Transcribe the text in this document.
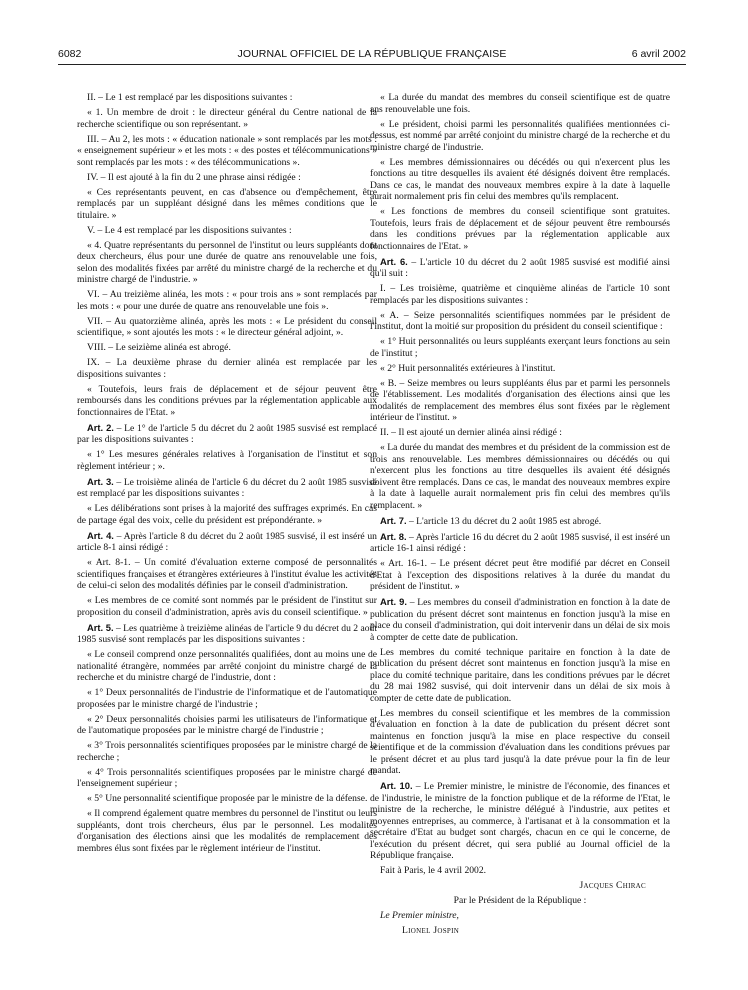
6082	JOURNAL OFFICIEL DE LA RÉPUBLIQUE FRANÇAISE	6 avril 2002

II. – Le 1 est remplacé par les dispositions suivantes :

« 1. Un membre de droit : le directeur général du Centre national de la recherche scientifique ou son représentant. »

III. – Au 2, les mots : « éducation nationale » sont remplacés par les mots : « enseignement supérieur » et les mots : « des postes et télécommunications » sont remplacés par les mots : « des télécommunications ».

IV. – Il est ajouté à la fin du 2 une phrase ainsi rédigée :

« Ces représentants peuvent, en cas d'absence ou d'empêchement, être remplacés par un suppléant désigné dans les mêmes conditions que le titulaire. »

V. – Le 4 est remplacé par les dispositions suivantes :

« 4. Quatre représentants du personnel de l'institut ou leurs suppléants dont deux chercheurs, élus pour une durée de quatre ans renouvelable une fois, selon des modalités fixées par arrêté du ministre chargé de la recherche et du ministre chargé de l'industrie. »

VI. – Au treizième alinéa, les mots : « pour trois ans » sont remplacés par les mots : « pour une durée de quatre ans renouvelable une fois ».

VII. – Au quatorzième alinéa, après les mots : « Le président du conseil scientifique, » sont ajoutés les mots : « le directeur général adjoint, ».

VIII. – Le seizième alinéa est abrogé.

IX. – La deuxième phrase du dernier alinéa est remplacée par les dispositions suivantes :

« Toutefois, leurs frais de déplacement et de séjour peuvent être remboursés dans les conditions prévues par la réglementation applicable aux fonctionnaires de l'Etat. »

Art. 2. – Le 1° de l'article 5 du décret du 2 août 1985 susvisé est remplacé par les dispositions suivantes :

« 1° Les mesures générales relatives à l'organisation de l'institut et son règlement intérieur ; ».

Art. 3. – Le troisième alinéa de l'article 6 du décret du 2 août 1985 susvisé est remplacé par les dispositions suivantes :

« Les délibérations sont prises à la majorité des suffrages exprimés. En cas de partage égal des voix, celle du président est prépondérante. »

Art. 4. – Après l'article 8 du décret du 2 août 1985 susvisé, il est inséré un article 8-1 ainsi rédigé :

« Art. 8-1. – Un comité d'évaluation externe composé de personnalités scientifiques françaises et étrangères extérieures à l'institut évalue les activités de celui-ci selon des modalités définies par le conseil d'administration.

« Les membres de ce comité sont nommés par le président de l'institut sur proposition du conseil d'administration, après avis du conseil scientifique. »

Art. 5. – Les quatrième à treizième alinéas de l'article 9 du décret du 2 août 1985 susvisé sont remplacés par les dispositions suivantes :

« Le conseil comprend onze personnalités qualifiées, dont au moins une de nationalité étrangère, nommées par arrêté conjoint du ministre chargé de la recherche et du ministre chargé de l'industrie, dont :

« 1° Deux personnalités de l'industrie de l'informatique et de l'automatique proposées par le ministre chargé de l'industrie ;

« 2° Deux personnalités choisies parmi les utilisateurs de l'informatique et de l'automatique proposées par le ministre chargé de l'industrie ;

« 3° Trois personnalités scientifiques proposées par le ministre chargé de la recherche ;

« 4° Trois personnalités scientifiques proposées par le ministre chargé de l'enseignement supérieur ;

« 5° Une personnalité scientifique proposée par le ministre de la défense.

« Il comprend également quatre membres du personnel de l'institut ou leurs suppléants, dont trois chercheurs, élus par le personnel. Les modalités d'organisation des élections ainsi que les modalités de remplacement des membres élus sont fixées par le règlement intérieur de l'institut.

« La durée du mandat des membres du conseil scientifique est de quatre ans renouvelable une fois.

« Le président, choisi parmi les personnalités qualifiées mentionnées ci-dessus, est nommé par arrêté conjoint du ministre chargé de la recherche et du ministre chargé de l'industrie.

« Les membres démissionnaires ou décédés ou qui n'exercent plus les fonctions au titre desquelles ils avaient été désignés doivent être remplacés. Dans ce cas, le mandat des nouveaux membres expire à la date à laquelle aurait normalement pris fin celui des membres qu'ils remplacent.

« Les fonctions de membres du conseil scientifique sont gratuites. Toutefois, leurs frais de déplacement et de séjour peuvent être remboursés dans les conditions prévues par la réglementation applicable aux fonctionnaires de l'Etat. »

Art. 6. – L'article 10 du décret du 2 août 1985 susvisé est modifié ainsi qu'il suit :

I. – Les troisième, quatrième et cinquième alinéas de l'article 10 sont remplacés par les dispositions suivantes :

« A. – Seize personnalités scientifiques nommées par le président de l'institut, dont la moitié sur proposition du président du conseil scientifique :

« 1° Huit personnalités ou leurs suppléants exerçant leurs fonctions au sein de l'institut ;

« 2° Huit personnalités extérieures à l'institut.

« B. – Seize membres ou leurs suppléants élus par et parmi les personnels de l'établissement. Les modalités d'organisation des élections ainsi que les modalités de remplacement des membres élus sont fixées par le règlement intérieur de l'institut. »

II. – Il est ajouté un dernier alinéa ainsi rédigé :

« La durée du mandat des membres et du président de la commission est de trois ans renouvelable. Les membres démissionnaires ou décédés ou qui n'exercent plus les fonctions au titre desquelles ils avaient été désignés doivent être remplacés. Dans ce cas, le mandat des nouveaux membres expire à la date à laquelle aurait normalement pris fin celui des membres qu'ils remplacent. »

Art. 7. – L'article 13 du décret du 2 août 1985 est abrogé.

Art. 8. – Après l'article 16 du décret du 2 août 1985 susvisé, il est inséré un article 16-1 ainsi rédigé :

« Art. 16-1. – Le présent décret peut être modifié par décret en Conseil d'Etat à l'exception des dispositions relatives à la durée du mandat du président de l'institut. »

Art. 9. – Les membres du conseil d'administration en fonction à la date de publication du présent décret sont maintenus en fonction jusqu'à la mise en place du conseil d'administration, qui doit intervenir dans un délai de six mois à compter de cette date de publication.

Les membres du comité technique paritaire en fonction à la date de publication du présent décret sont maintenus en fonction jusqu'à la mise en place du comité technique paritaire, dans les conditions prévues par le décret du 28 mai 1982 susvisé, qui doit intervenir dans un délai de six mois à compter de cette date de publication.

Les membres du conseil scientifique et les membres de la commission d'évaluation en fonction à la date de publication du présent décret sont maintenus en fonction jusqu'à la mise en place respective du conseil scientifique et de la commission d'évaluation dans les conditions prévues par le présent décret et au plus tard jusqu'à la date prévue pour la fin de leur mandat.

Art. 10. – Le Premier ministre, le ministre de l'économie, des finances et de l'industrie, le ministre de la fonction publique et de la réforme de l'Etat, le ministre de la recherche, le ministre délégué à l'industrie, aux petites et moyennes entreprises, au commerce, à l'artisanat et à la consommation et la secrétaire d'Etat au budget sont chargés, chacun en ce qui le concerne, de l'exécution du présent décret, qui sera publié au Journal officiel de la République française.

Fait à Paris, le 4 avril 2002.

Jacques Chirac

Par le Président de la République :

Le Premier ministre,

Lionel Jospin
